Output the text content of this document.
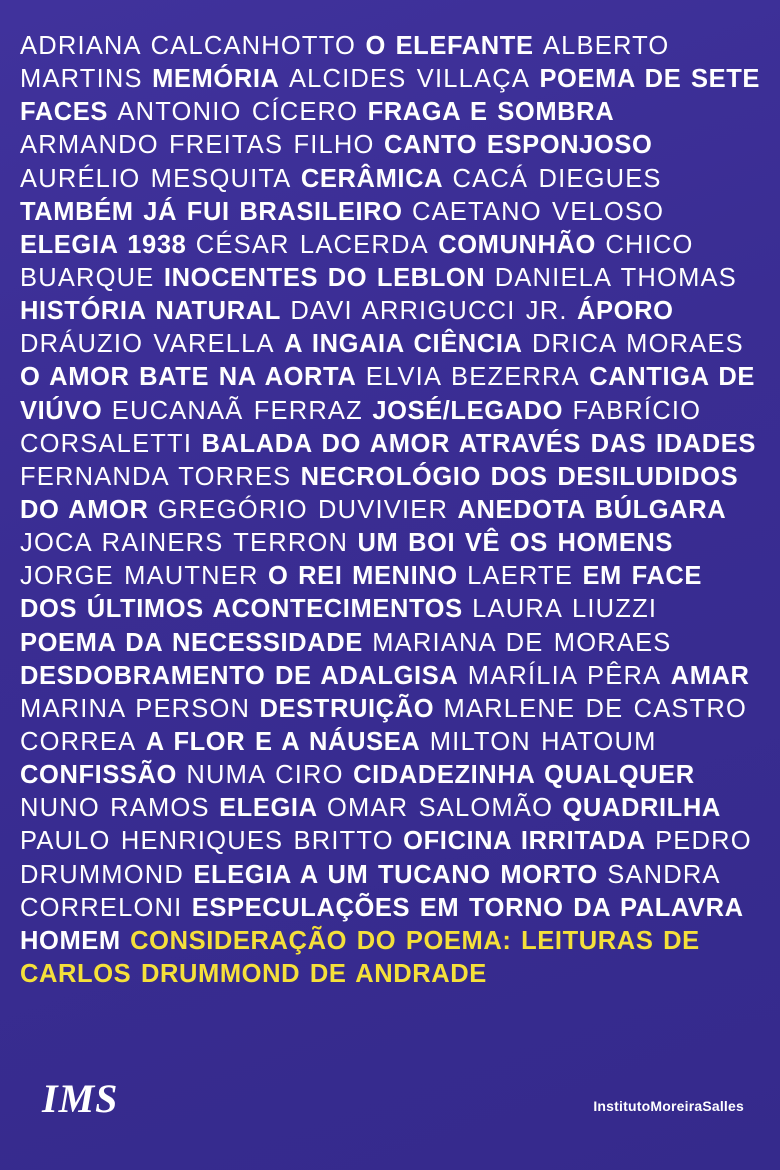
ADRIANA CALCANHOTTO O ELEFANTE ALBERTO MARTINS MEMÓRIA ALCIDES VILLAÇA POEMA DE SETE FACES ANTONIO CÍCERO FRAGA E SOMBRA ARMANDO FREITAS FILHO CANTO ESPONJOSO AURÉLIO MESQUITA CERÂMICA CACÁ DIEGUES TAMBÉM JÁ FUI BRASILEIRO CAETANO VELOSO ELEGIA 1938 CÉSAR LACERDA COMUNHÃO CHICO BUARQUE INOCENTES DO LEBLON DANIELA THOMAS HISTÓRIA NATURAL DAVI ARRIGUCCI JR. ÁPORO DRÁUZIO VARELLA A INGAIA CIÊNCIA DRICA MORAES O AMOR BATE NA AORTA ELVIA BEZERRA CANTIGA DE VIÚVO EUCANAÃ FERRAZ JOSÉ/LEGADO FABRÍCIO CORSALETTI BALADA DO AMOR ATRAVÉS DAS IDADES FERNANDA TORRES NECROLÓGIO DOS DESILUDIDOS DO AMOR GREGÓRIO DUVIVIER ANEDOTA BÚLGARA JOCA RAINERS TERRON UM BOI VÊ OS HOMENS JORGE MAUTNER O REI MENINO LAERTE EM FACE DOS ÚLTIMOS ACONTECIMENTOS LAURA LIUZZI POEMA DA NECESSIDADE MARIANA DE MORAES DESDOBRAMENTO DE ADALGISA MARÍLIA PÊRA AMAR MARINA PERSON DESTRUIÇÃO MARLENE DE CASTRO CORREA A FLOR E A NÁUSEA MILTON HATOUM CONFISSÃO NUMA CIRO CIDADEZINHA QUALQUER NUNO RAMOS ELEGIA OMAR SALOMÃO QUADRILHA PAULO HENRIQUES BRITTO OFICINA IRRITADA PEDRO DRUMMOND ELEGIA A UM TUCANO MORTO SANDRA CORRELONI ESPECULAÇÕES EM TORNO DA PALAVRA HOMEM CONSIDERAÇÃO DO POEMA: LEITURAS DE CARLOS DRUMMOND DE ANDRADE
IMS	InstitutoMoreiraSalles
